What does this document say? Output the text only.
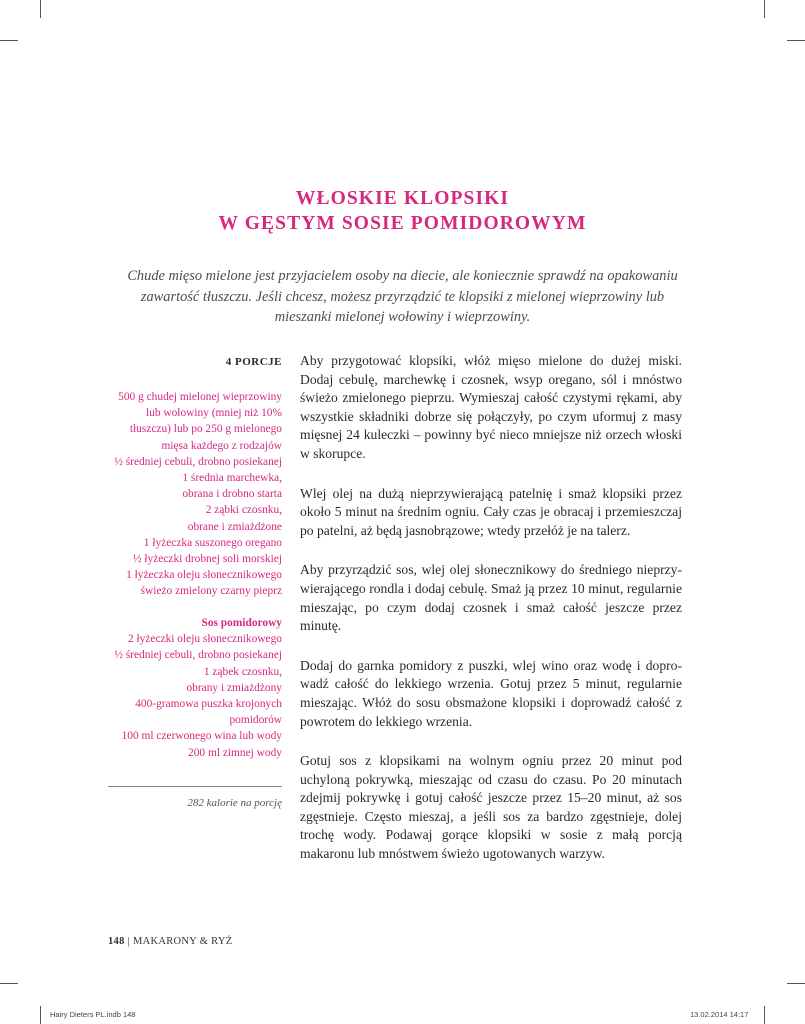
WŁOSKIE KLOPSIKI
W GĘSTYM SOSIE POMIDOROWYM
Chude mięso mielone jest przyjacielem osoby na diecie, ale koniecznie sprawdź na opakowaniu zawartość tłuszczu. Jeśli chcesz, możesz przyrządzić te klopsiki z mielonej wieprzowiny lub mieszanki mielonej wołowiny i wieprzowiny.
4 PORCJE
500 g chudej mielonej wieprzowiny
lub wołowiny (mniej niż 10%
tłuszczu) lub po 250 g mielonego
mięsa każdego z rodzajów
½ średniej cebuli, drobno posiekanej
1 średnia marchewka,
obrana i drobno starta
2 ząbki czosnku,
obrane i zmiażdżone
1 łyżeczka suszonego oregano
½ łyżeczki drobnej soli morskiej
1 łyżeczka oleju słonecznikowego
świeżo zmielony czarny pieprz
Sos pomidorowy
2 łyżeczki oleju słonecznikowego
½ średniej cebuli, drobno posiekanej
1 ząbek czosnku,
obrany i zmiażdżony
400-gramowa puszka krojonych
pomidorów
100 ml czerwonego wina lub wody
200 ml zimnej wody
282 kalorie na porcję

Aby przygotować klopsiki, włóż mięso mielone do dużej miski. Dodaj cebulę, marchewkę i czosnek, wsyp oregano, sól i mnóstwo świeżo zmielonego pieprzu. Wymieszaj całość czystymi rękami, aby wszystkie składniki dobrze się połączyły, po czym uformuj z masy mięsnej 24 kuleczki – powinny być nieco mniejsze niż orzech włoski w skorupce.

Wlej olej na dużą nieprzywierającą patelnię i smaż klopsiki przez około 5 minut na średnim ogniu. Cały czas je obracaj i przemieszczaj po patelni, aż będą jasnobrązowe; wtedy przełóż je na talerz.

Aby przyrządzić sos, wlej olej słonecznikowy do średniego nieprzy-wierającego rondla i dodaj cebulę. Smaż ją przez 10 minut, regularnie mieszając, po czym dodaj czosnek i smaż całość jeszcze przez minutę.

Dodaj do garnka pomidory z puszki, wlej wino oraz wodę i dopro-wadź całość do lekkiego wrzenia. Gotuj przez 5 minut, regularnie mieszając. Włóż do sosu obsmażone klopsiki i doprowadź całość z powrotem do lekkiego wrzenia.

Gotuj sos z klopsikami na wolnym ogniu przez 20 minut pod uchyloną pokrywką, mieszając od czasu do czasu. Po 20 minutach zdejmij pokrywkę i gotuj całość jeszcze przez 15–20 minut, aż sos zgęstnieje. Często mieszaj, a jeśli sos za bardzo zgęstnieje, dolej trochę wody. Podawaj gorące klopsiki w sosie z małą porcją makaronu lub mnóstwem świeżo ugotowanych warzyw.

148 | MAKARONY & RYŻ
Hairy Dieters PL.indb 148	13.02.2014 14:17
